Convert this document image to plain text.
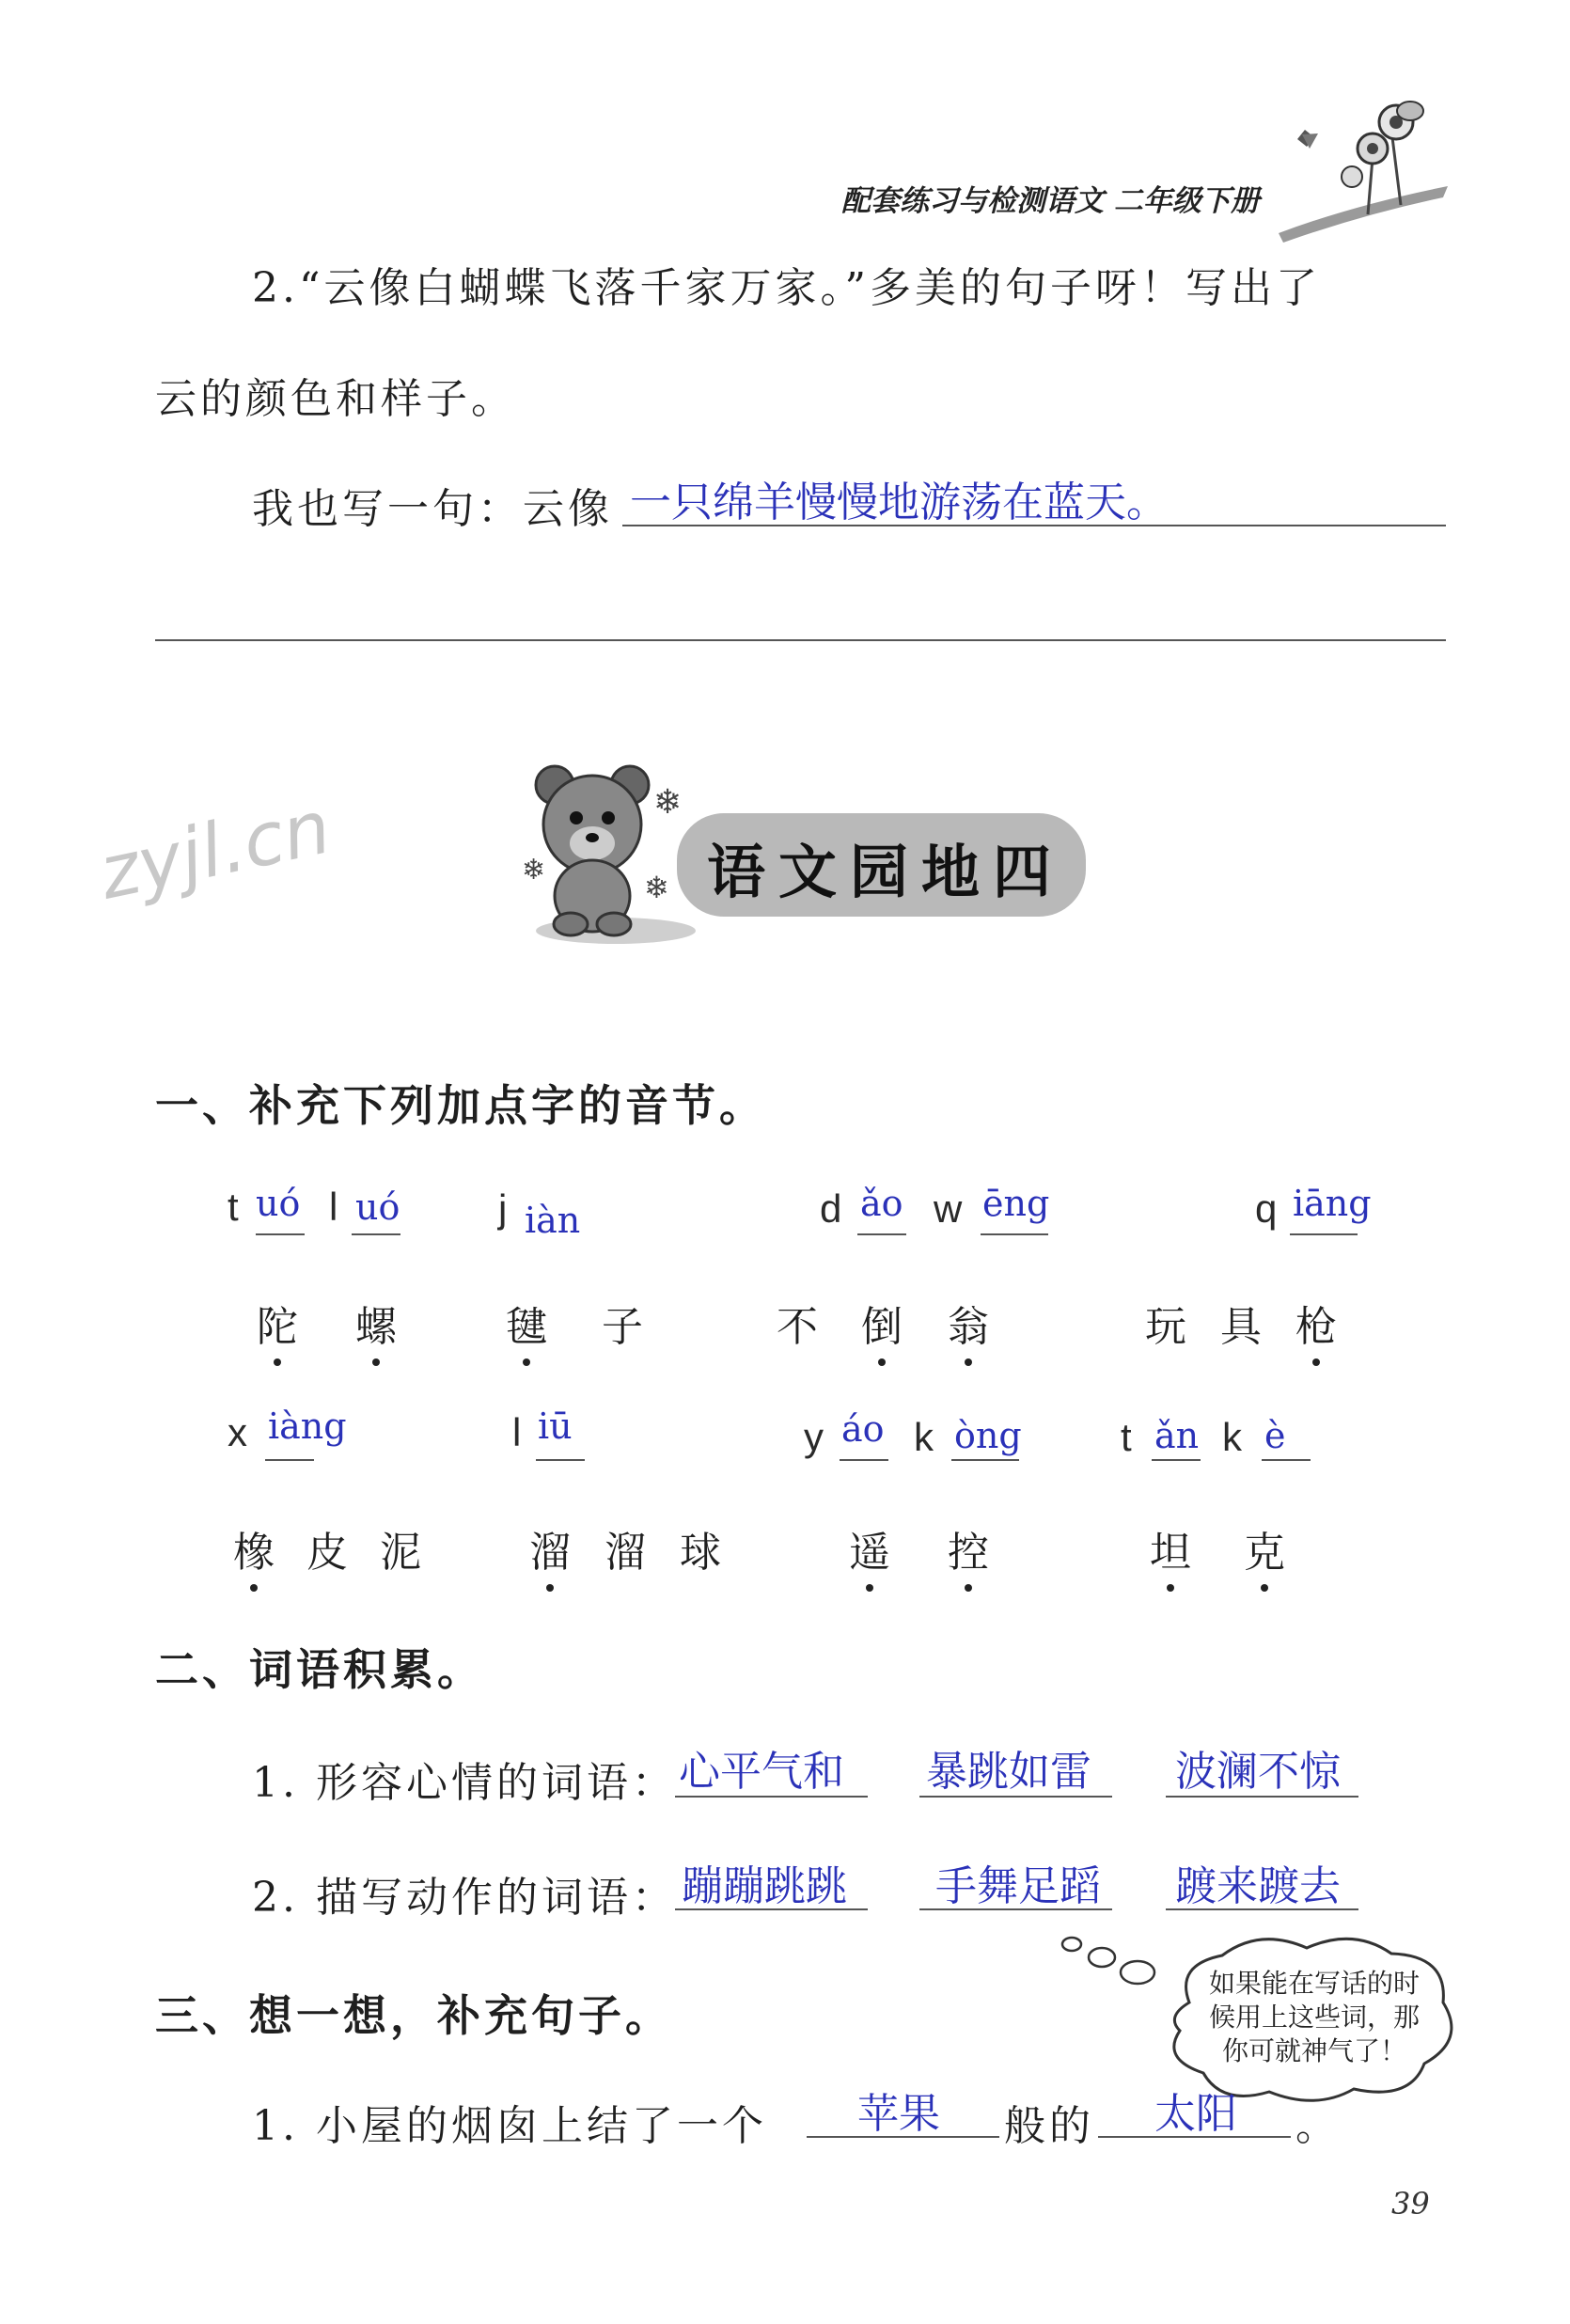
配套练习与检测语文 二年级下册
2.“云像白蝴蝶飞落千家万家。”多美的句子呀！写出了
云的颜色和样子。
我也写一句：云像 一只绵羊慢慢地游荡在蓝天。
zyjl.cn	❄
❄	❄ 语文园地四
一、补充下列加点字的音节。
t uó l uó j iàn	d ǎo w ēng	q iāng
陀 螺	毽 子	不 倒 翁	玩 具 枪
x iàng	l iū	y áo k òng	t ǎn k è
橡 皮 泥	溜 溜 球	遥 控	坦 克
二、词语积累。
1. 形容心情的词语： 心平气和 暴跳如雷 波澜不惊
2. 描写动作的词语： 蹦蹦跳跳 手舞足蹈 踱来踱去
如果能在写话的时
候用上这些词，那
你可就神气了！
三、想一想，补充句子。
1. 小屋的烟囱上结了一个 苹果 般的 太阳 。
39
